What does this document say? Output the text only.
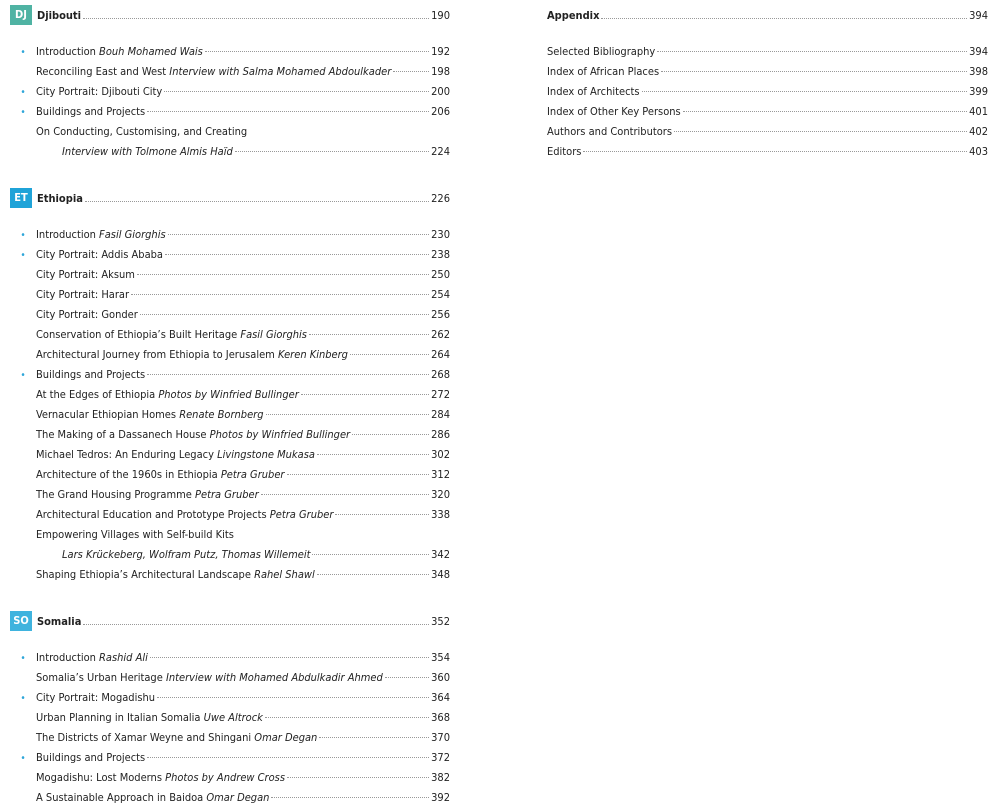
DJ Djibouti	190
• Introduction Bouh Mohamed Wais	192
Reconciling East and West Interview with Salma Mohamed Abdoulkader	198
• City Portrait: Djibouti City	200
• Buildings and Projects	206
On Conducting, Customising, and Creating
Interview with Tolmone Almis Haïd	224
ET Ethiopia	226
• Introduction Fasil Giorghis	230
• City Portrait: Addis Ababa	238
City Portrait: Aksum	250
City Portrait: Harar	254
City Portrait: Gonder	256
Conservation of Ethiopia’s Built Heritage Fasil Giorghis	262
Architectural Journey from Ethiopia to Jerusalem Keren Kinberg	264
• Buildings and Projects	268
At the Edges of Ethiopia Photos by Winfried Bullinger	272
Vernacular Ethiopian Homes Renate Bornberg	284
The Making of a Dassanech House Photos by Winfried Bullinger	286
Michael Tedros: An Enduring Legacy Livingstone Mukasa	302
Architecture of the 1960s in Ethiopia Petra Gruber	312
The Grand Housing Programme Petra Gruber	320
Architectural Education and Prototype Projects Petra Gruber	338
Empowering Villages with Self-build Kits
Lars Krückeberg, Wolfram Putz, Thomas Willemeit	342
Shaping Ethiopia’s Architectural Landscape Rahel Shawl	348
SO Somalia	352
• Introduction Rashid Ali	354
Somalia’s Urban Heritage Interview with Mohamed Abdulkadir Ahmed	360
• City Portrait: Mogadishu	364
Urban Planning in Italian Somalia Uwe Altrock	368
The Districts of Xamar Weyne and Shingani Omar Degan	370
• Buildings and Projects	372
Mogadishu: Lost Moderns Photos by Andrew Cross	382
A Sustainable Approach in Baidoa Omar Degan	392
Appendix	394
Selected Bibliography	394
Index of African Places	398
Index of Architects	399
Index of Other Key Persons	401
Authors and Contributors	402
Editors	403
